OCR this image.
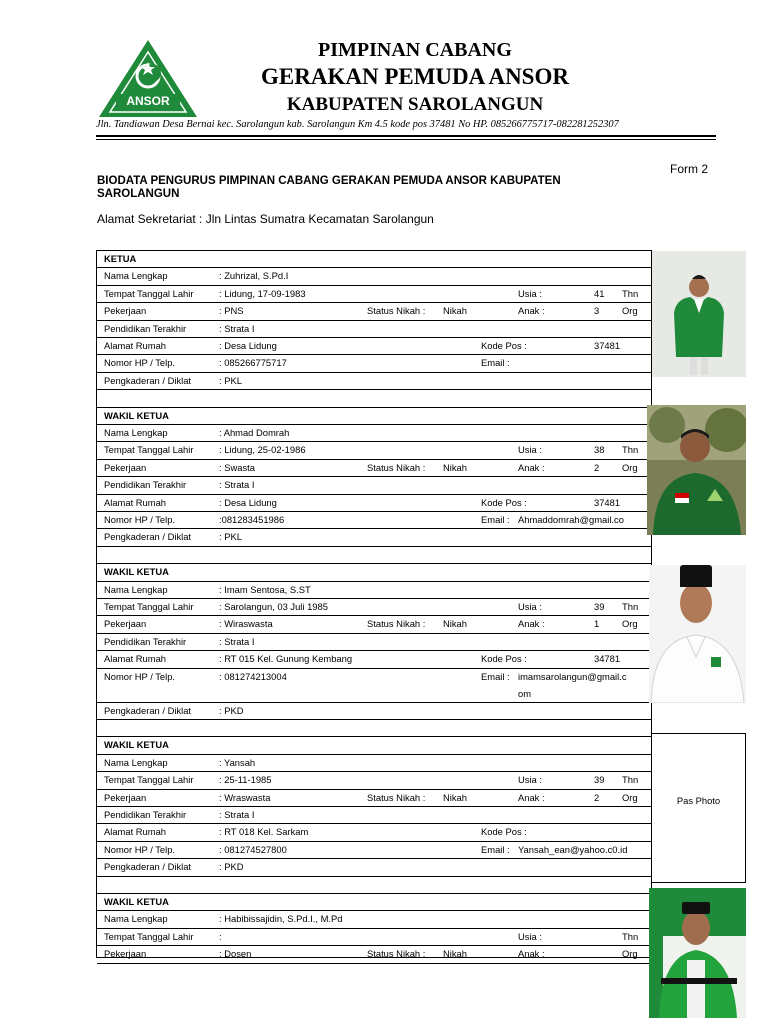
ANSOR
PIMPINAN CABANG
GERAKAN PEMUDA ANSOR
KABUPATEN SAROLANGUN
Jln. Tandiawan Desa Bernai kec. Sarolangun kab. Sarolangun Km 4.5 kode pos 37481 No HP. 085266775717-082281252307
Form 2
BIODATA PENGURUS PIMPINAN CABANG GERAKAN PEMUDA ANSOR KABUPATEN SAROLANGUN
Alamat Sekretariat : Jln Lintas Sumatra Kecamatan Sarolangun
KETUA
Nama Lengkap	: Zuhrizal, S.Pd.I
Tempat Tanggal Lahir	: Lidung, 17-09-1983	Usia :	41 Thn
Pekerjaan	: PNS	Status Nikah : Nikah	Anak :	3 Org
Pendidikan Terakhir	: Strata I
Alamat Rumah	: Desa Lidung	Kode Pos :	37481
Nomor HP / Telp.	: 085266775717	Email :
Pengkaderan / Diklat	: PKL
WAKIL KETUA
Nama Lengkap	: Ahmad Domrah
Tempat Tanggal Lahir	: Lidung, 25-02-1986	Usia :	38 Thn
Pekerjaan	: Swasta	Status Nikah : Nikah	Anak :	2 Org
Pendidikan Terakhir	: Strata I
Alamat Rumah	: Desa Lidung	Kode Pos :	37481
Nomor HP / Telp.	:081283451986	Email : Ahmaddomrah@gmail.co
Pengkaderan / Diklat	: PKL
WAKIL KETUA
Nama Lengkap	: Imam Sentosa, S.ST
Tempat Tanggal Lahir	: Sarolangun, 03 Juli 1985	Usia :	39 Thn
Pekerjaan	: Wiraswasta	Status Nikah : Nikah	Anak :	1 Org
Pendidikan Terakhir	: Strata I
Alamat Rumah	: RT 015 Kel. Gunung Kembang	Kode Pos :	34781
Nomor HP / Telp.	: 081274213004	Email : imamsarolangun@gmail.c
om
Pengkaderan / Diklat	: PKD
WAKIL KETUA
Nama Lengkap	: Yansah
Tempat Tanggal Lahir	: 25-11-1985	Usia :	39 Thn
Pekerjaan	: Wraswasta	Status Nikah : Nikah	Anak :	2 Org
Pendidikan Terakhir	: Strata I
Alamat Rumah	: RT 018 Kel. Sarkam	Kode Pos :
Nomor HP / Telp.	: 081274527800	Email : Yansah_ean@yahoo.c0.id
Pengkaderan / Diklat	: PKD
WAKIL KETUA
Nama Lengkap	: Habibissajidin, S.Pd.I., M.Pd
Tempat Tanggal Lahir	:	Usia :	Thn
Pekerjaan	: Dosen	Status Nikah : Nikah	Anak :	Org
Pas Photo
